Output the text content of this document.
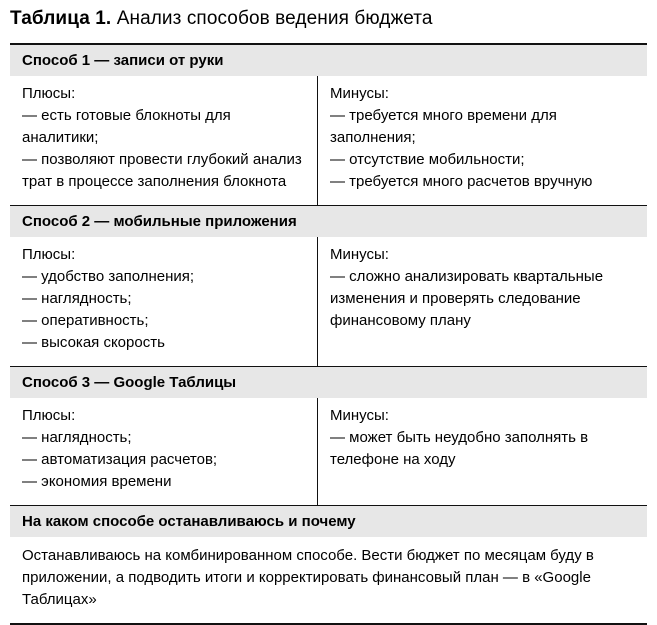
Таблица 1. Анализ способов ведения бюджета
Способ 1 — записи от руки
Плюсы:
— есть готовые блокноты для аналитики;
— позволяют провести глубокий анализ трат в процессе заполнения блокнота
Минусы:
— требуется много времени для заполнения;
— отсутствие мобильности;
— требуется много расчетов вручную
Способ 2 — мобильные приложения
Плюсы:
— удобство заполнения;
— наглядность;
— оперативность;
— высокая скорость
Минусы:
— сложно анализировать квартальные изменения и проверять следование финансовому плану
Способ 3 — Google Таблицы
Плюсы:
— наглядность;
— автоматизация расчетов;
— экономия времени
Минусы:
— может быть неудобно заполнять в телефоне на ходу
На каком способе останавливаюсь и почему
Останавливаюсь на комбинированном способе. Вести бюджет по месяцам буду в приложении, а подводить итоги и корректировать финансовый план — в «Google Таблицах»
